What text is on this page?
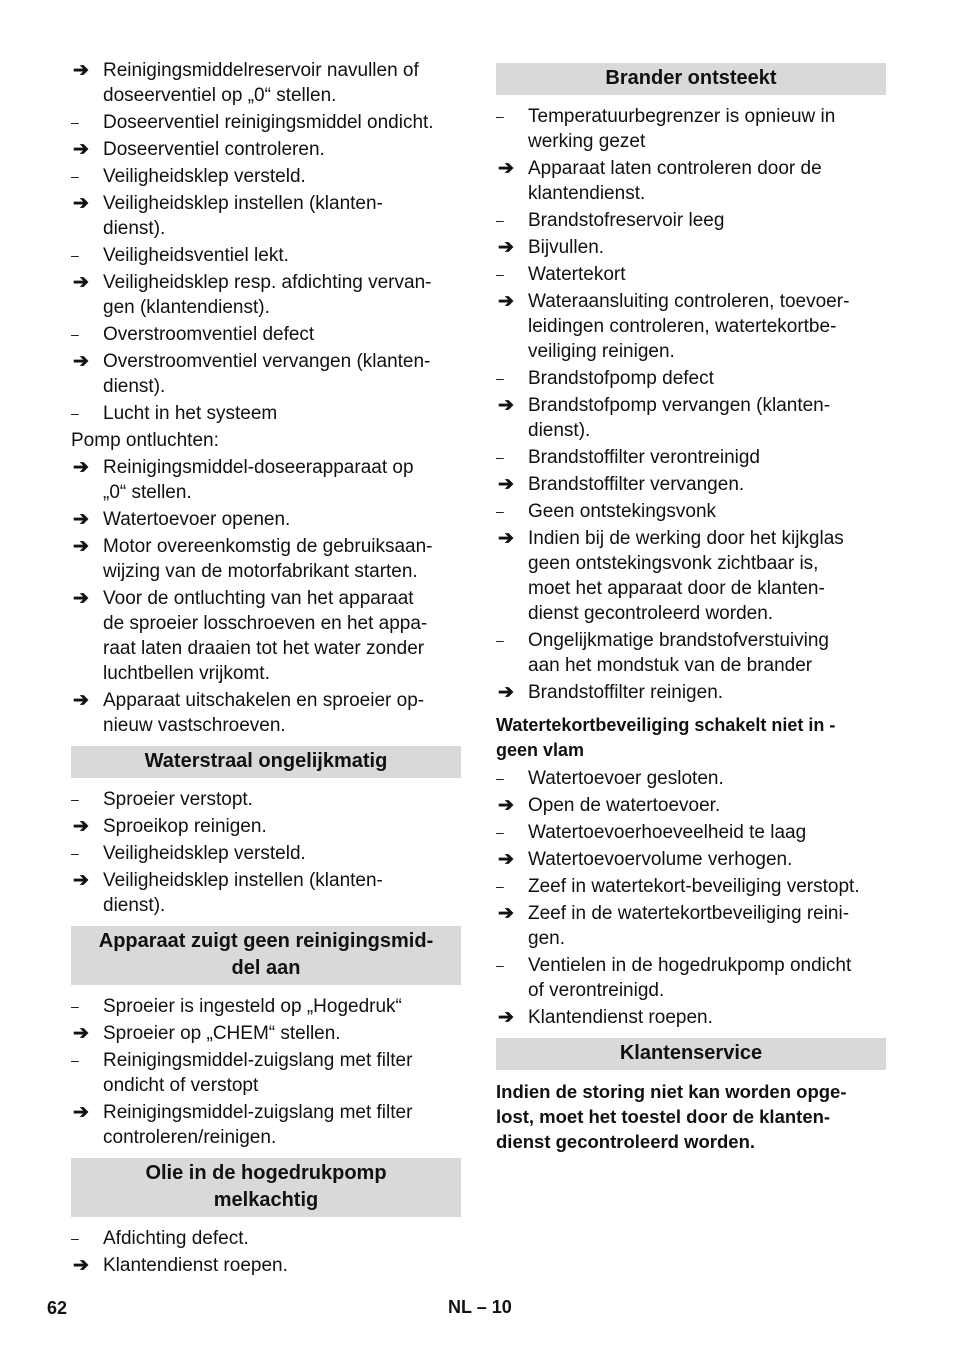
➔ Reinigingsmiddelreservoir navullen of
doseerventiel op „0“ stellen.
–	Doseerventiel reinigingsmiddel ondicht.
➔ Doseerventiel controleren.
–	Veiligheidsklep versteld.
➔ Veiligheidsklep instellen (klanten-
dienst).
–	Veiligheidsventiel lekt.
➔ Veiligheidsklep resp. afdichting vervan-
gen (klantendienst).
–	Overstroomventiel defect
➔ Overstroomventiel vervangen (klanten-
dienst).
–	Lucht in het systeem
Pomp ontluchten:
➔ Reinigingsmiddel-doseerapparaat op
„0“ stellen.
➔ Watertoevoer openen.
➔ Motor overeenkomstig de gebruiksaan-
wijzing van de motorfabrikant starten.
➔ Voor de ontluchting van het apparaat
de sproeier losschroeven en het appa-
raat laten draaien tot het water zonder
luchtbellen vrijkomt.
➔ Apparaat uitschakelen en sproeier op-
nieuw vastschroeven.
Waterstraal ongelijkmatig
–	Sproeier verstopt.
➔ Sproeikop reinigen.
–	Veiligheidsklep versteld.
➔ Veiligheidsklep instellen (klanten-
dienst).
Apparaat zuigt geen reinigingsmid-
del aan
–	Sproeier is ingesteld op „Hogedruk“
➔ Sproeier op „CHEM“ stellen.
–	Reinigingsmiddel-zuigslang met filter
ondicht of verstopt
➔ Reinigingsmiddel-zuigslang met filter
controleren/reinigen.
Olie in de hogedrukpomp
melkachtig
–	Afdichting defect.
➔ Klantendienst roepen.
Brander ontsteekt
–	Temperatuurbegrenzer is opnieuw in
werking gezet
➔ Apparaat laten controleren door de
klantendienst.
–	Brandstofreservoir leeg
➔ Bijvullen.
–	Watertekort
➔ Wateraansluiting controleren, toevoer-
leidingen controleren, watertekortbe-
veiliging reinigen.
–	Brandstofpomp defect
➔ Brandstofpomp vervangen (klanten-
dienst).
–	Brandstoffilter verontreinigd
➔ Brandstoffilter vervangen.
–	Geen ontstekingsvonk
➔ Indien bij de werking door het kijkglas
geen ontstekingsvonk zichtbaar is,
moet het apparaat door de klanten-
dienst gecontroleerd worden.
–	Ongelijkmatige brandstofverstuiving
aan het mondstuk van de brander
➔ Brandstoffilter reinigen.
Watertekortbeveiliging schakelt niet in -
geen vlam
–	Watertoevoer gesloten.
➔ Open de watertoevoer.
–	Watertoevoerhoeveelheid te laag
➔ Watertoevoervolume verhogen.
–	Zeef in watertekort-beveiliging verstopt.
➔ Zeef in de watertekortbeveiliging reini-
gen.
–	Ventielen in de hogedrukpomp ondicht
of verontreinigd.
➔ Klantendienst roepen.
Klantenservice
Indien de storing niet kan worden opge-
lost, moet het toestel door de klanten-
dienst gecontroleerd worden.
62	NL – 10
